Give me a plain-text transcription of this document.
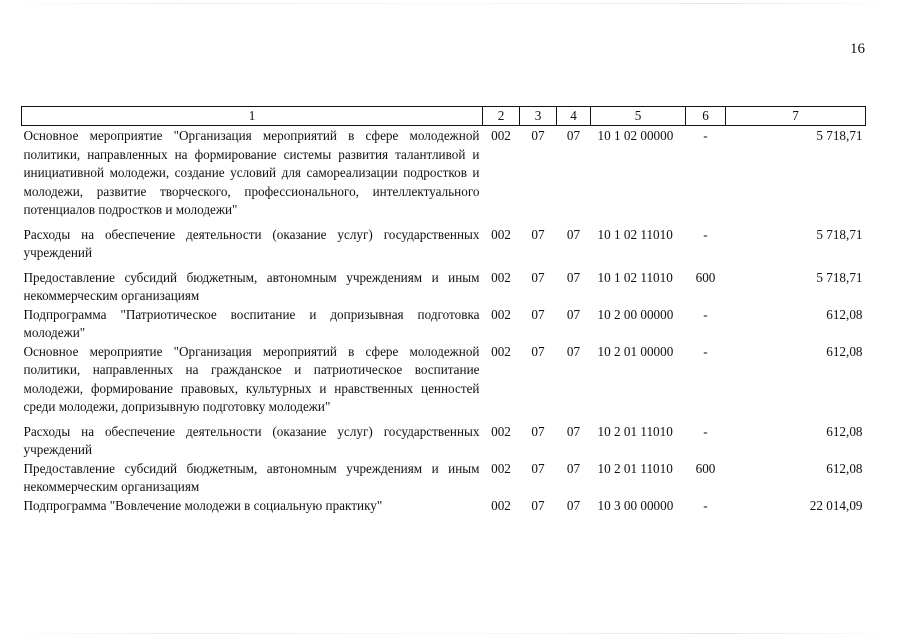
16
1	2	3	4	5	6	7
Основное мероприятие "Организация мероприятий в сфере молодежной политики, направленных на формирование системы развития талантливой и инициативной молодежи, создание условий для самореализации подростков и молодежи, развитие творческого, профессионального, интеллектуального потенциалов подростков и молодежи"	002	07	07	10 1 02 00000	-	5 718,71
Расходы на обеспечение деятельности (оказание услуг) государственных учреждений	002	07	07	10 1 02 11010	-	5 718,71
Предоставление субсидий бюджетным, автономным учреждениям и иным некоммерческим организациям	002	07	07	10 1 02 11010	600	5 718,71
Подпрограмма "Патриотическое воспитание и допризывная подготовка молодежи"	002	07	07	10 2 00 00000	-	612,08
Основное мероприятие "Организация мероприятий в сфере молодежной политики, направленных на гражданское и патриотическое воспитание молодежи, формирование правовых, культурных и нравственных ценностей среди молодежи, допризывную подготовку молодежи"	002	07	07	10 2 01 00000	-	612,08
Расходы на обеспечение деятельности (оказание услуг) государственных учреждений	002	07	07	10 2 01 11010	-	612,08
Предоставление субсидий бюджетным, автономным учреждениям и иным некоммерческим организациям	002	07	07	10 2 01 11010	600	612,08
Подпрограмма "Вовлечение молодежи в социальную практику"	002	07	07	10 3 00 00000	-	22 014,09
